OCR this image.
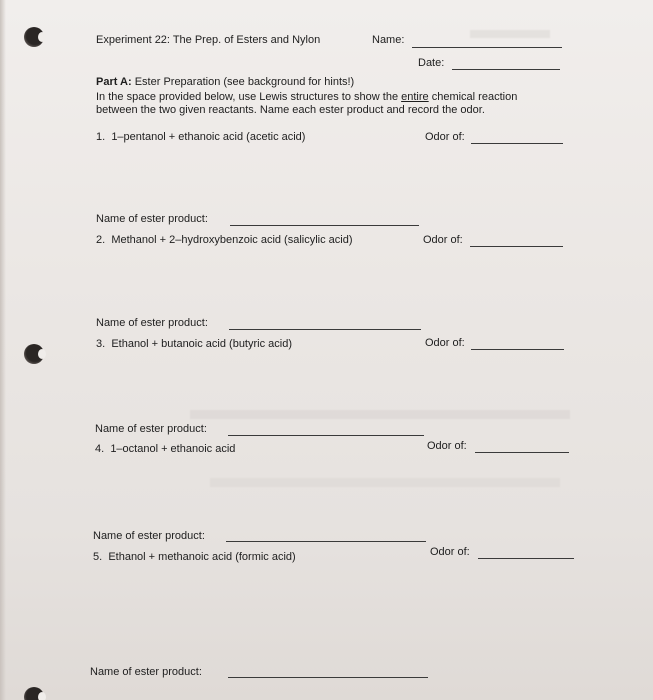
Experiment 22: The Prep. of Esters and Nylon	Name:
Date:
Part A: Ester Preparation (see background for hints!)
In the space provided below, use Lewis structures to show the entire chemical reaction
between the two given reactants. Name each ester product and record the odor.
1. 1–pentanol + ethanoic acid (acetic acid)	Odor of:
Name of ester product:
2. Methanol + 2–hydroxybenzoic acid (salicylic acid)	Odor of:
Name of ester product:
3. Ethanol + butanoic acid (butyric acid)	Odor of:
Name of ester product:
4. 1–octanol + ethanoic acid	Odor of:
Name of ester product:
5. Ethanol + methanoic acid (formic acid)	Odor of:
Name of ester product:
